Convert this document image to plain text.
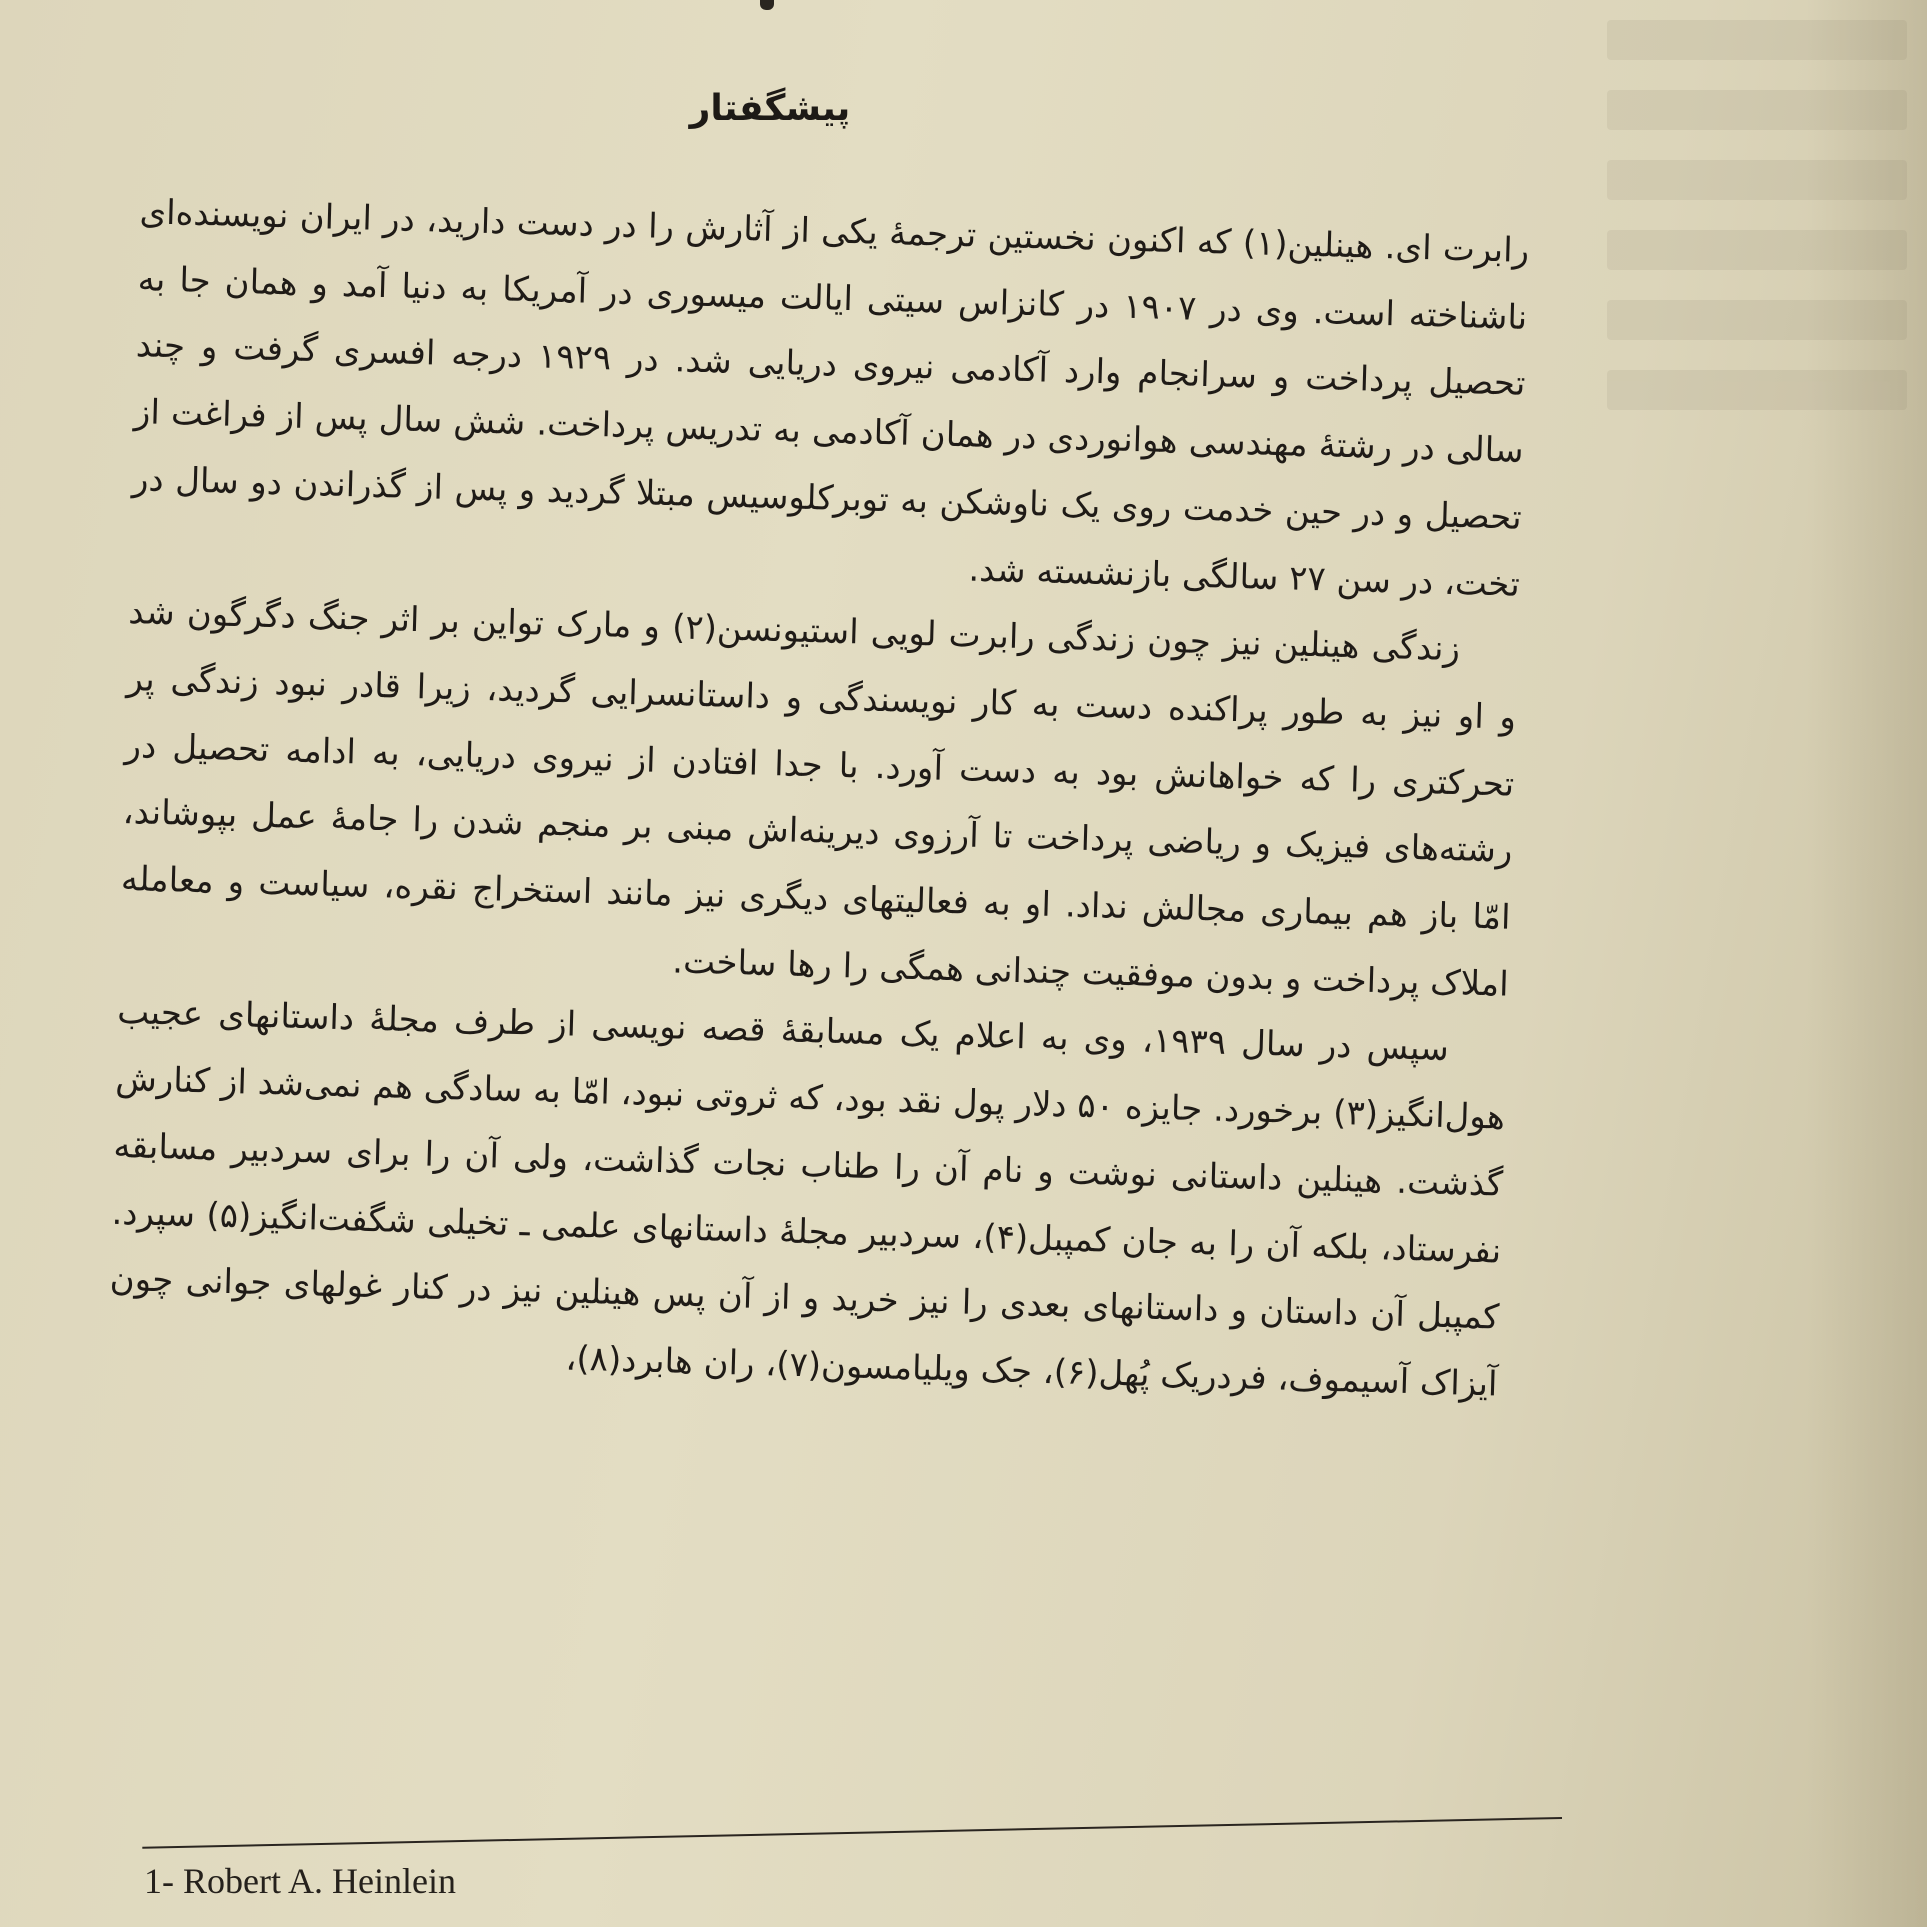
پیشگفتار

رابرت ای. هینلین(۱) که اکنون نخستین ترجمهٔ یکی از آثارش را در دست دارید، در ایران نویسنده‌ای ناشناخته است. وی در ۱۹۰۷ در کانزاس سیتی ایالت میسوری در آمریکا به دنیا آمد و همان جا به تحصیل پرداخت و سرانجام وارد آکادمی نیروی دریایی شد. در ۱۹۲۹ درجه افسری گرفت و چند سالی در رشتهٔ مهندسی هوانوردی در همان آکادمی به تدریس پرداخت. شش سال پس از فراغت از تحصیل و در حین خدمت روی یک ناوشکن به توبرکلوسیس مبتلا گردید و پس از گذراندن دو سال در تخت، در سن ۲۷ سالگی بازنشسته شد.

زندگی هینلین نیز چون زندگی رابرت لویی استیونسن(۲) و مارک تواین بر اثر جنگ دگرگون شد و او نیز به طور پراکنده دست به کار نویسندگی و داستانسرایی گردید، زیرا قادر نبود زندگی پر تحرکتری را که خواهانش بود به دست آورد. با جدا افتادن از نیروی دریایی، به ادامه تحصیل در رشته‌های فیزیک و ریاضی پرداخت تا آرزوی دیرینه‌اش مبنی بر منجم شدن را جامهٔ عمل بپوشاند، امّا باز هم بیماری مجالش نداد. او به فعالیتهای دیگری نیز مانند استخراج نقره، سیاست و معامله املاک پرداخت و بدون موفقیت چندانی همگی را رها ساخت.

سپس در سال ۱۹۳۹، وی به اعلام یک مسابقهٔ قصه نویسی از طرف مجلهٔ داستانهای عجیب هول‌انگیز(۳) برخورد. جایزه ۵۰ دلار پول نقد بود، که ثروتی نبود، امّا به سادگی هم نمی‌شد از کنارش گذشت. هینلین داستانی نوشت و نام آن را طناب نجات گذاشت، ولی آن را برای سردبیر مسابقه نفرستاد، بلکه آن را به جان کمپبل(۴)، سردبیر مجلهٔ داستانهای علمی ـ تخیلی شگفت‌انگیز(۵) سپرد. کمپبل آن داستان و داستانهای بعدی را نیز خرید و از آن پس هینلین نیز در کنار غولهای جوانی چون آیزاک آسیموف، فردریک پُهل(۶)، جک ویلیامسون(۷)، ران هابرد(۸)،

1- Robert A. Heinlein
